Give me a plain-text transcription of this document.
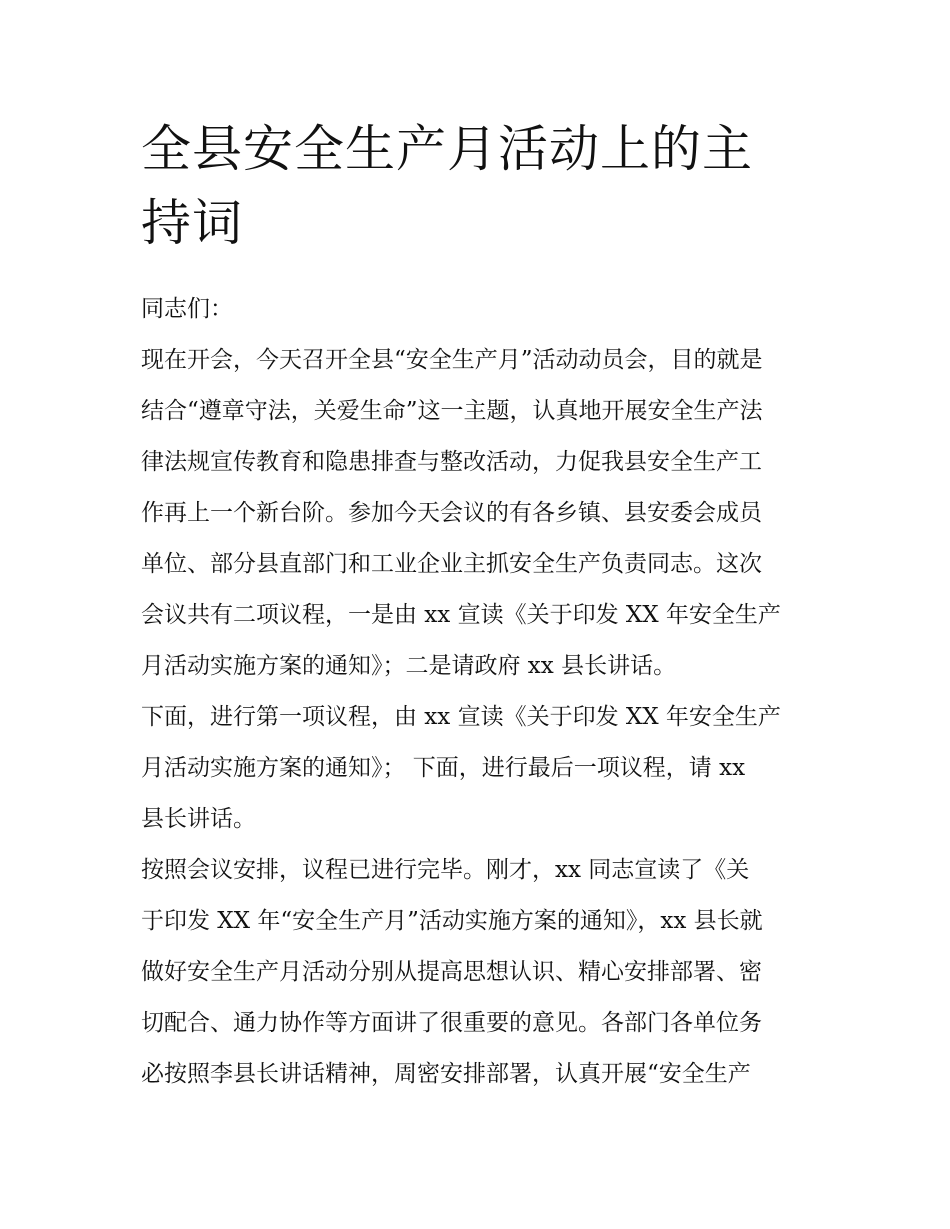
全县安全生产月活动上的主持词

同志们：

现在开会，今天召开全县“安全生产月”活动动员会，目的就是
结合“遵章守法，关爱生命”这一主题，认真地开展安全生产法
律法规宣传教育和隐患排查与整改活动，力促我县安全生产工
作再上一个新台阶。参加今天会议的有各乡镇、县安委会成员
单位、部分县直部门和工业企业主抓安全生产负责同志。这次
会议共有二项议程，一是由 xx 宣读《关于印发 XX 年安全生产
月活动实施方案的通知》；二是请政府 xx 县长讲话。

下面，进行第一项议程，由 xx 宣读《关于印发 XX 年安全生产
月活动实施方案的通知》； 下面，进行最后一项议程，请 xx
县长讲话。

按照会议安排，议程已进行完毕。刚才，xx 同志宣读了《关
于印发 XX 年“安全生产月”活动实施方案的通知》，xx 县长就
做好安全生产月活动分别从提高思想认识、精心安排部署、密
切配合、通力协作等方面讲了很重要的意见。各部门各单位务
必按照李县长讲话精神，周密安排部署，认真开展“安全生产
